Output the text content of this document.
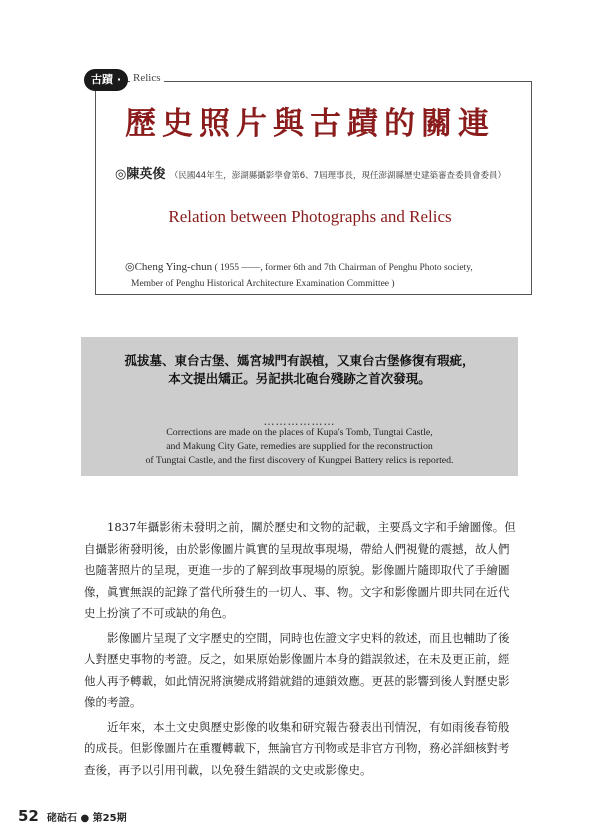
古蹟 ·	Relics
歷史照片與古蹟的關連
◎陳英俊 （民國44年生，澎湖縣攝影學會第6、7屆理事長，現任澎湖縣歷史建築審查委員會委員）
Relation between Photographs and Relics
◎Cheng Ying-chun ( 1955 ——, former 6th and 7th Chairman of Penghu Photo society,
Member of Penghu Historical Architecture Examination Committee )
孤拔墓、東台古堡、媽宮城門有誤植，又東台古堡修復有瑕疵，
本文提出矯正。另記拱北砲台殘跡之首次發現。
………………
Corrections are made on the places of Kupa's Tomb, Tungtai Castle,
and Makung City Gate, remedies are supplied for the reconstruction
of Tungtai Castle, and the first discovery of Kungpei Battery relics is reported.

1837年攝影術未發明之前，關於歷史和文物的記載，主要爲文字和手繪圖像。但自攝影術發明後，由於影像圖片眞實的呈現故事現場，帶給人們視覺的震撼，故人們也隨著照片的呈現，更進一步的了解到故事現場的原貌。影像圖片隨即取代了手繪圖像，眞實無誤的記錄了當代所發生的一切人、事、物。文字和影像圖片即共同在近代史上扮演了不可或缺的角色。

影像圖片呈現了文字歷史的空間，同時也佐證文字史料的敘述，而且也輔助了後人對歷史事物的考證。反之，如果原始影像圖片本身的錯誤敘述，在未及更正前，經他人再予轉載，如此情況將演變成將錯就錯的連鎖效應。更甚的影響到後人對歷史影像的考證。

近年來，本土文史與歷史影像的收集和研究報告發表出刊情況，有如雨後春筍般的成長。但影像圖片在重覆轉載下，無論官方刊物或是非官方刊物，務必詳細核對考查後，再予以引用刊載，以免發生錯誤的文史或影像史。

52 硓𥑮石 ● 第25期
